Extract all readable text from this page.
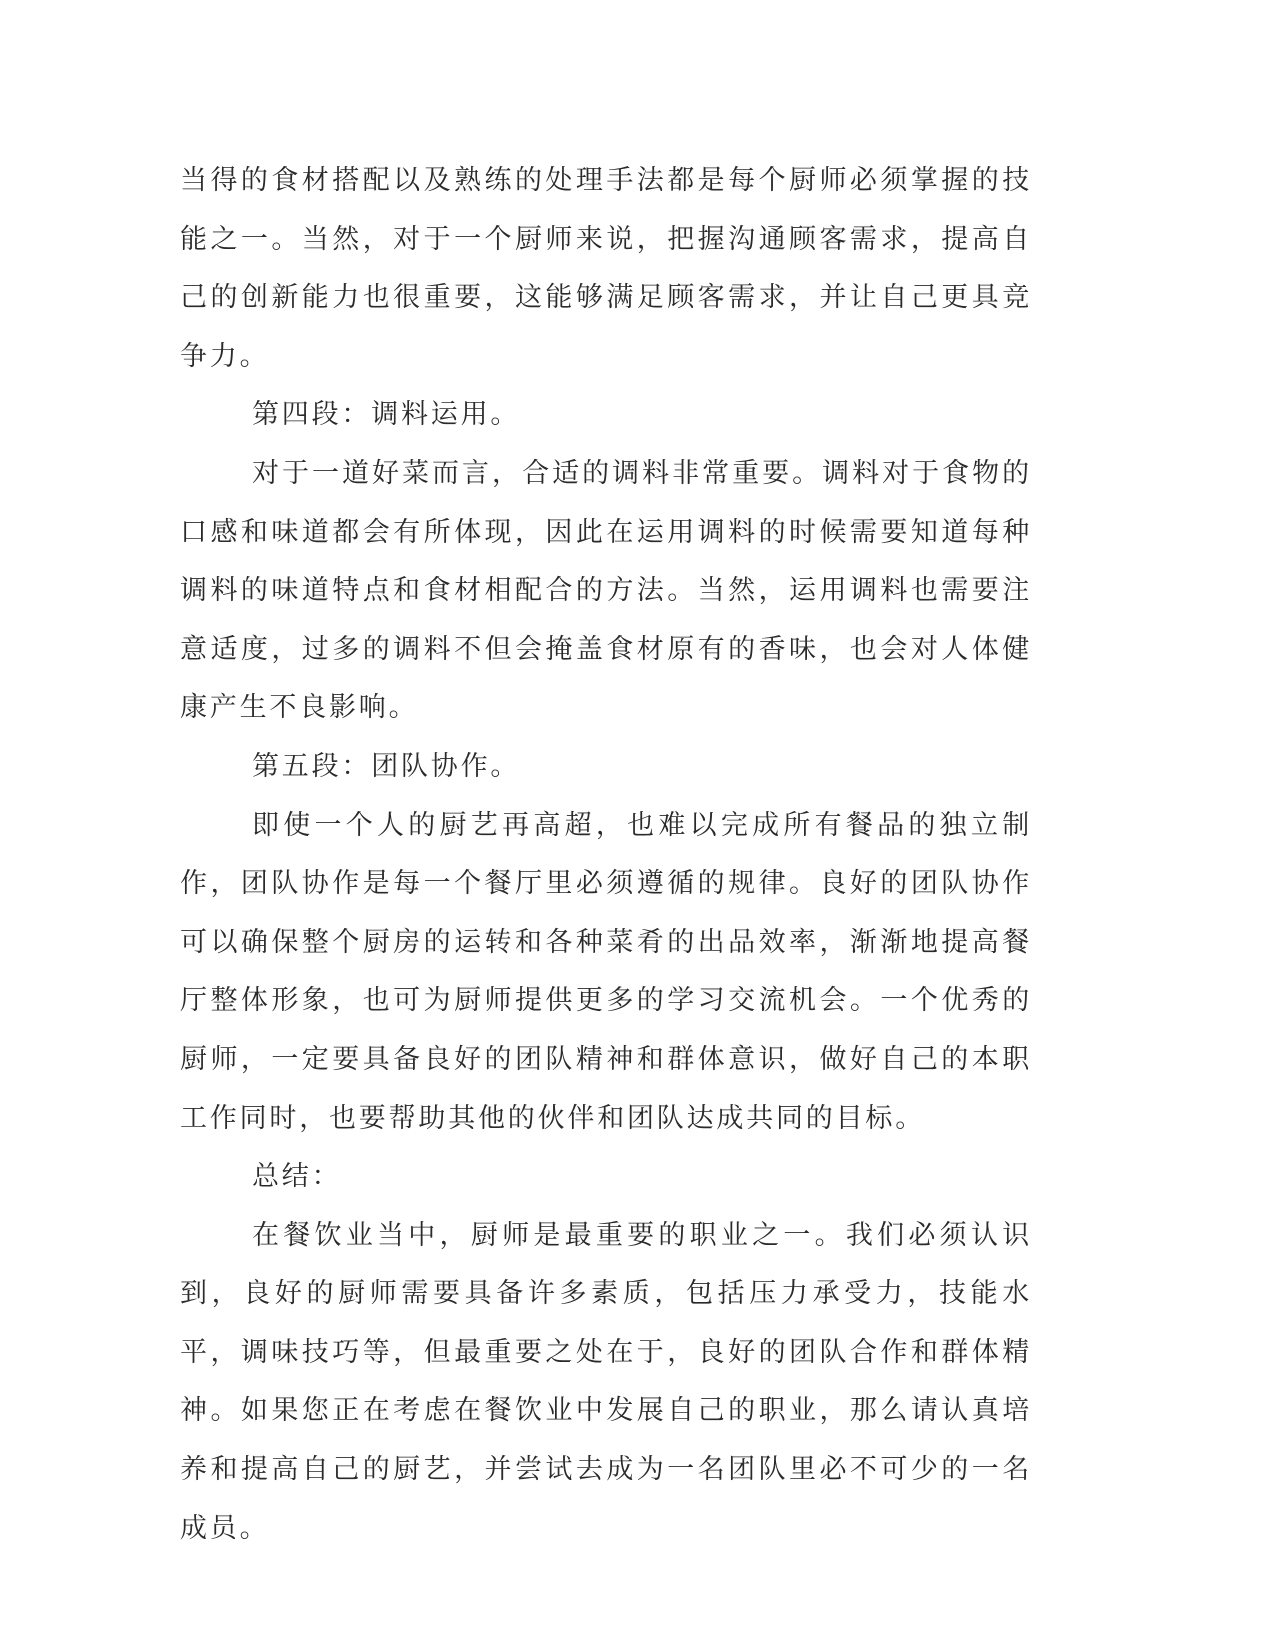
当得的食材搭配以及熟练的处理手法都是每个厨师必须掌握的技能之一。当然，对于一个厨师来说，把握沟通顾客需求，提高自己的创新能力也很重要，这能够满足顾客需求，并让自己更具竞争力。

第四段：调料运用。

对于一道好菜而言，合适的调料非常重要。调料对于食物的口感和味道都会有所体现，因此在运用调料的时候需要知道每种调料的味道特点和食材相配合的方法。当然，运用调料也需要注意适度，过多的调料不但会掩盖食材原有的香味，也会对人体健康产生不良影响。

第五段：团队协作。

即使一个人的厨艺再高超，也难以完成所有餐品的独立制作，团队协作是每一个餐厅里必须遵循的规律。良好的团队协作可以确保整个厨房的运转和各种菜肴的出品效率，渐渐地提高餐厅整体形象，也可为厨师提供更多的学习交流机会。一个优秀的厨师，一定要具备良好的团队精神和群体意识，做好自己的本职工作同时，也要帮助其他的伙伴和团队达成共同的目标。

总结：

在餐饮业当中，厨师是最重要的职业之一。我们必须认识到，良好的厨师需要具备许多素质，包括压力承受力，技能水平，调味技巧等，但最重要之处在于，良好的团队合作和群体精神。如果您正在考虑在餐饮业中发展自己的职业，那么请认真培养和提高自己的厨艺，并尝试去成为一名团队里必不可少的一名成员。
